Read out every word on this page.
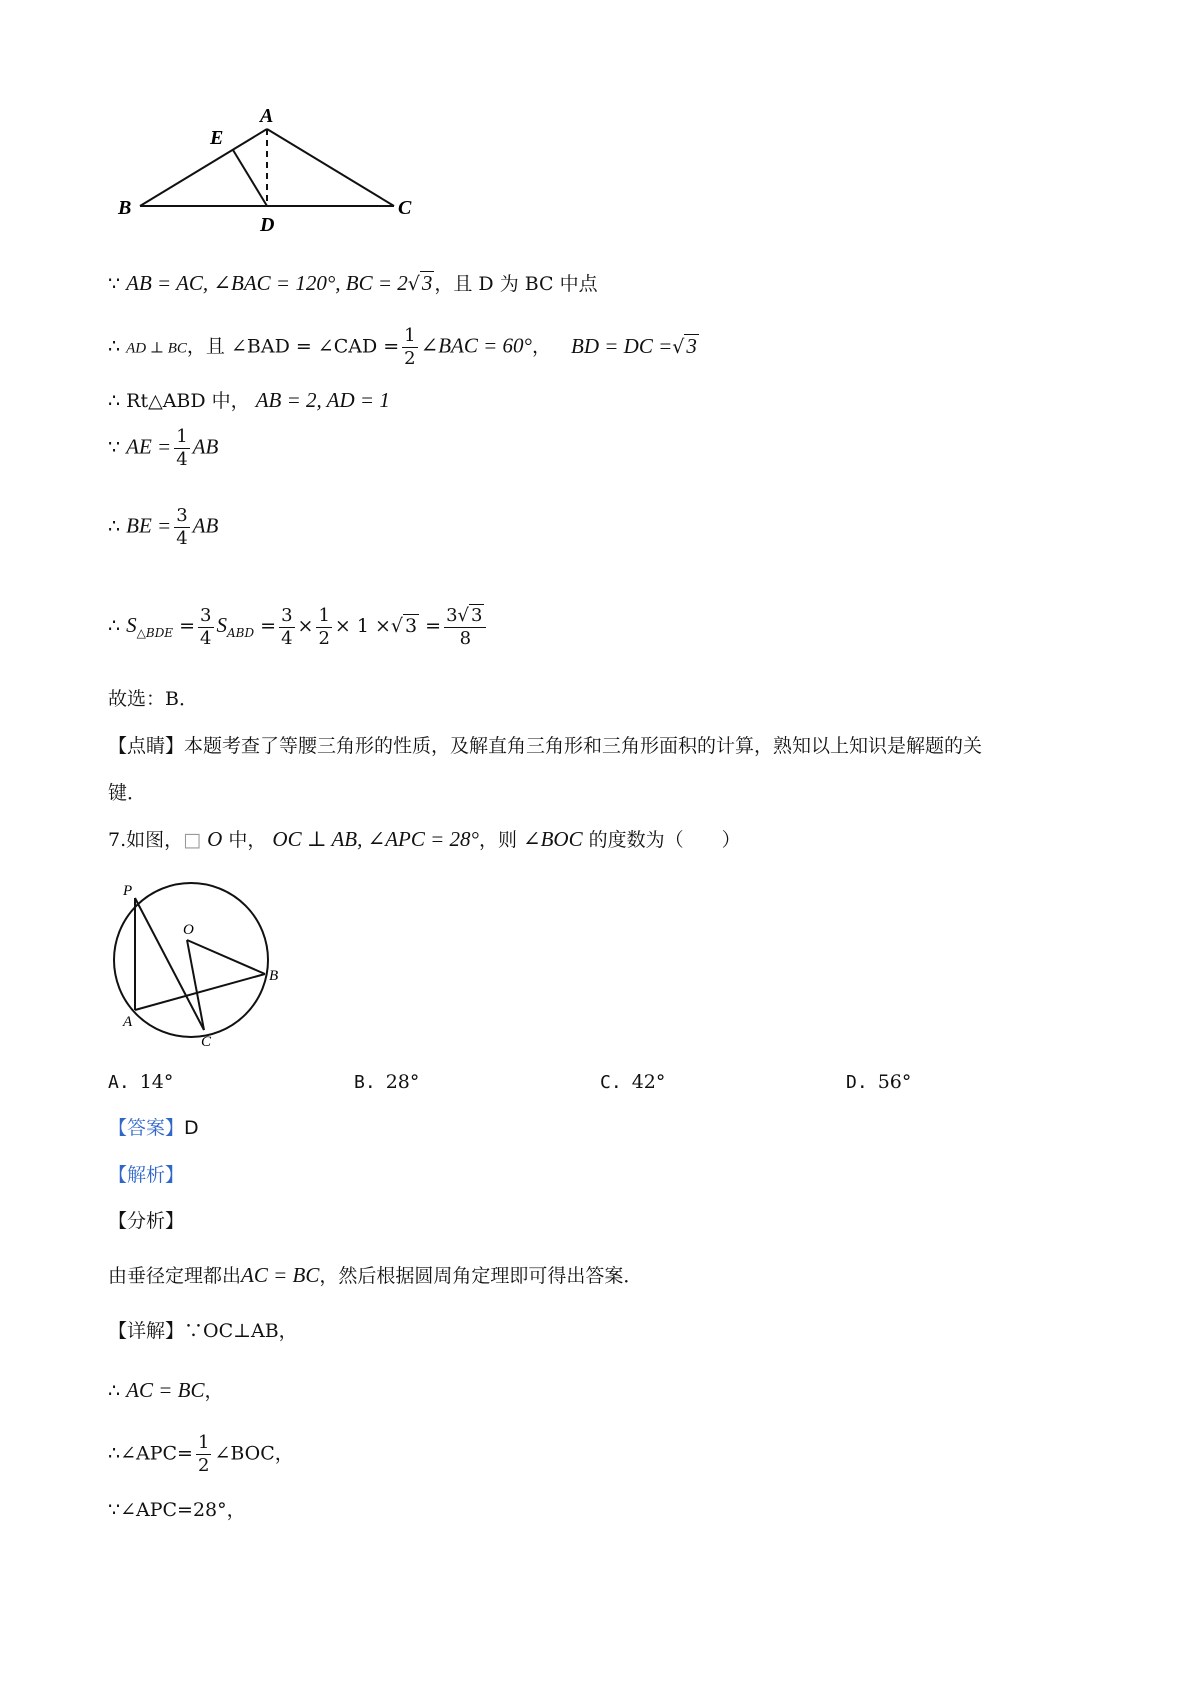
A
E
B	C
D
∵ AB = AC, ∠BAC = 120°, BC = 2√3 ，且 D 为 BC 中点
∴ AD ⊥ BC，且 ∠BAD = ∠CAD = $\frac{1}{2}$ ∠BAC = 60°， BD = DC =√3
∴ Rt△ABD 中， AB = 2, AD = 1
∵ AE = $\frac{1}{4}$ AB
∴ BE = $\frac{3}{4}$ AB
∴ $S_{\triangle BDE} = \frac{3}{4} S_{ABD} = \frac{3}{4} \times \frac{1}{2} \times 1$ ×√ $3 = \frac{3√ 3}{8}$
故选：B．
【点睛】本题考查了等腰三角形的性质，及解直角三角形和三角形面积的计算，熟知以上知识是解题的关
键．
7.如图，□ O 中， OC ⊥ AB, ∠APC = 28°，则 ∠BOC 的度数为（　　）
P
O
B
A
C
A. 14°	B. 28°	C. 42°	D. 56°
【答案】D
【解析】
【分析】
由垂径定理都出AC = BC，然后根据圆周角定理即可得出答案．
【详解】∵OC⊥AB，
∴ AC = BC，
∴∠APC= $\frac{1}{2}$ ∠BOC，
∵∠APC=28°，
